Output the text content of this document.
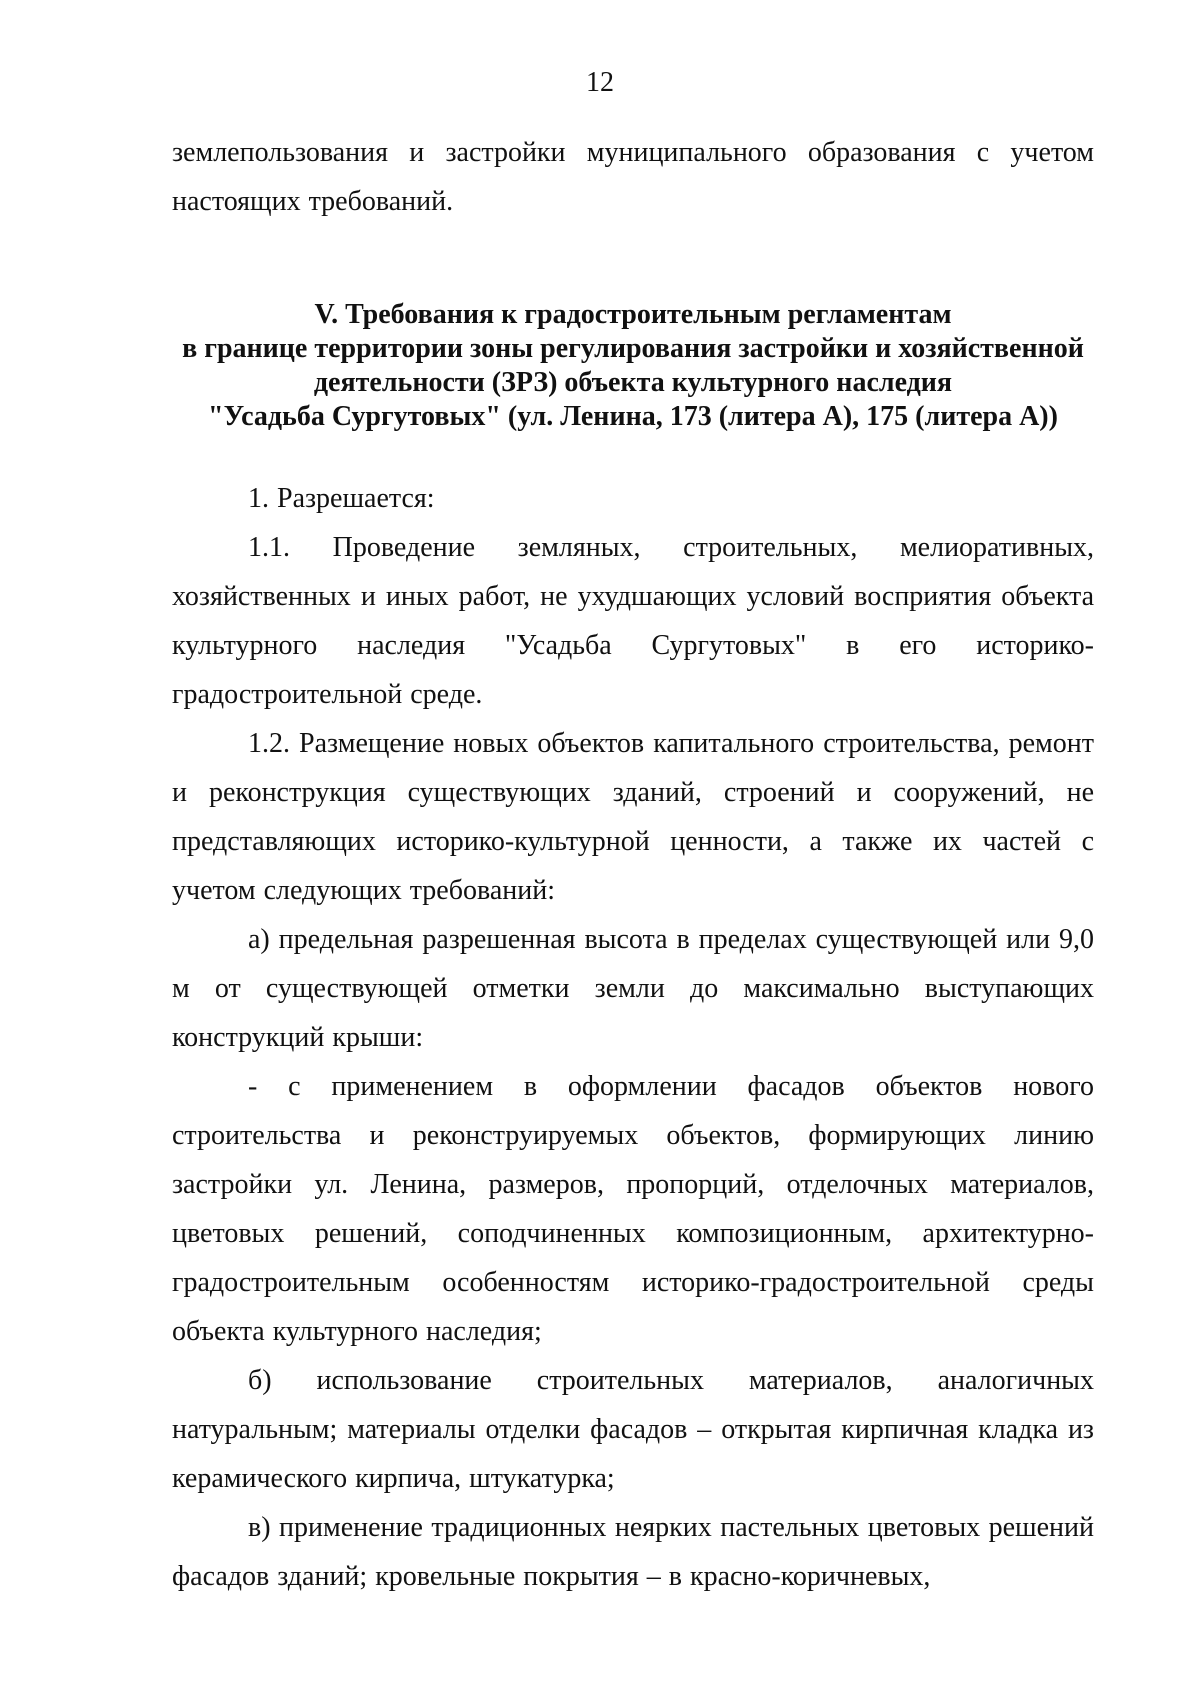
12

землепользования и застройки муниципального образования с учетом настоящих требований.

V. Требования к градостроительным регламентам
в границе территории зоны регулирования застройки и хозяйственной
деятельности (ЗРЗ) объекта культурного наследия
"Усадьба Сургутовых" (ул. Ленина, 173 (литера А), 175 (литера А))

1. Разрешается:

1.1. Проведение земляных, строительных, мелиоративных, хозяйственных и иных работ, не ухудшающих условий восприятия объекта культурного наследия "Усадьба Сургутовых" в его историко-градостроительной среде.

1.2. Размещение новых объектов капитального строительства, ремонт и реконструкция существующих зданий, строений и сооружений, не представляющих историко-культурной ценности, а также их частей с учетом следующих требований:

а) предельная разрешенная высота в пределах существующей или 9,0 м от существующей отметки земли до максимально выступающих конструкций крыши:

- с применением в оформлении фасадов объектов нового строительства и реконструируемых объектов, формирующих линию застройки ул. Ленина, размеров, пропорций, отделочных материалов, цветовых решений, соподчиненных композиционным, архитектурно-градостроительным особенностям историко-градостроительной среды объекта культурного наследия;

б) использование строительных материалов, аналогичных натуральным; материалы отделки фасадов – открытая кирпичная кладка из керамического кирпича, штукатурка;

в) применение традиционных неярких пастельных цветовых решений фасадов зданий; кровельные покрытия – в красно-коричневых,
